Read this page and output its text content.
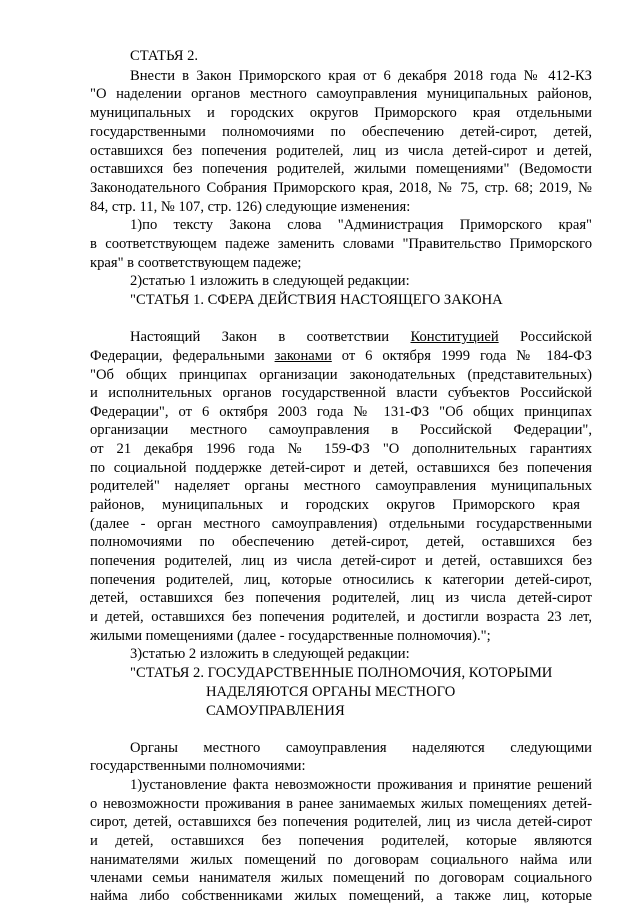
СТАТЬЯ 2.
Внести в Закон Приморского края от 6 декабря 2018 года № 412-КЗ
"О наделении органов местного самоуправления муниципальных районов,
муниципальных и городских округов Приморского края отдельными
государственными полномочиями по обеспечению детей-сирот, детей,
оставшихся без попечения родителей, лиц из числа детей-сирот и детей,
оставшихся без попечения родителей, жилыми помещениями" (Ведомости
Законодательного Собрания Приморского края, 2018, № 75, стр. 68; 2019, №
84, стр. 11, № 107, стр. 126) следующие изменения:
1)по тексту Закона слова "Администрация Приморского края"
в соответствующем падеже заменить словами "Правительство Приморского
края" в соответствующем падеже;
2)статью 1 изложить в следующей редакции:
"СТАТЬЯ 1. СФЕРА ДЕЙСТВИЯ НАСТОЯЩЕГО ЗАКОНА
Настоящий Закон в соответствии Конституцией Российской
Федерации, федеральными законами от 6 октября 1999 года № 184-ФЗ
"Об общих принципах организации законодательных (представительных)
и исполнительных органов государственной власти субъектов Российской
Федерации", от 6 октября 2003 года № 131-ФЗ "Об общих принципах
организации местного самоуправления в Российской Федерации",
от 21 декабря 1996 года № 159-ФЗ "О дополнительных гарантиях
по социальной поддержке детей-сирот и детей, оставшихся без попечения
родителей" наделяет органы местного самоуправления муниципальных
районов, муниципальных и городских округов Приморского края
(далее - орган местного самоуправления) отдельными государственными
полномочиями по обеспечению детей-сирот, детей, оставшихся без
попечения родителей, лиц из числа детей-сирот и детей, оставшихся без
попечения родителей, лиц, которые относились к категории детей-сирот,
детей, оставшихся без попечения родителей, лиц из числа детей-сирот
и детей, оставшихся без попечения родителей, и достигли возраста 23 лет,
жилыми помещениями (далее - государственные полномочия).";
3)статью 2 изложить в следующей редакции:
"СТАТЬЯ 2. ГОСУДАРСТВЕННЫЕ ПОЛНОМОЧИЯ, КОТОРЫМИ
НАДЕЛЯЮТСЯ ОРГАНЫ МЕСТНОГО
САМОУПРАВЛЕНИЯ
Органы местного самоуправления наделяются следующими
государственными полномочиями:
1)установление факта невозможности проживания и принятие решений
о невозможности проживания в ранее занимаемых жилых помещениях детей-
сирот, детей, оставшихся без попечения родителей, лиц из числа детей-сирот
и детей, оставшихся без попечения родителей, которые являются
нанимателями жилых помещений по договорам социального найма или
членами семьи нанимателя жилых помещений по договорам социального
найма либо собственниками жилых помещений, а также лиц, которые
